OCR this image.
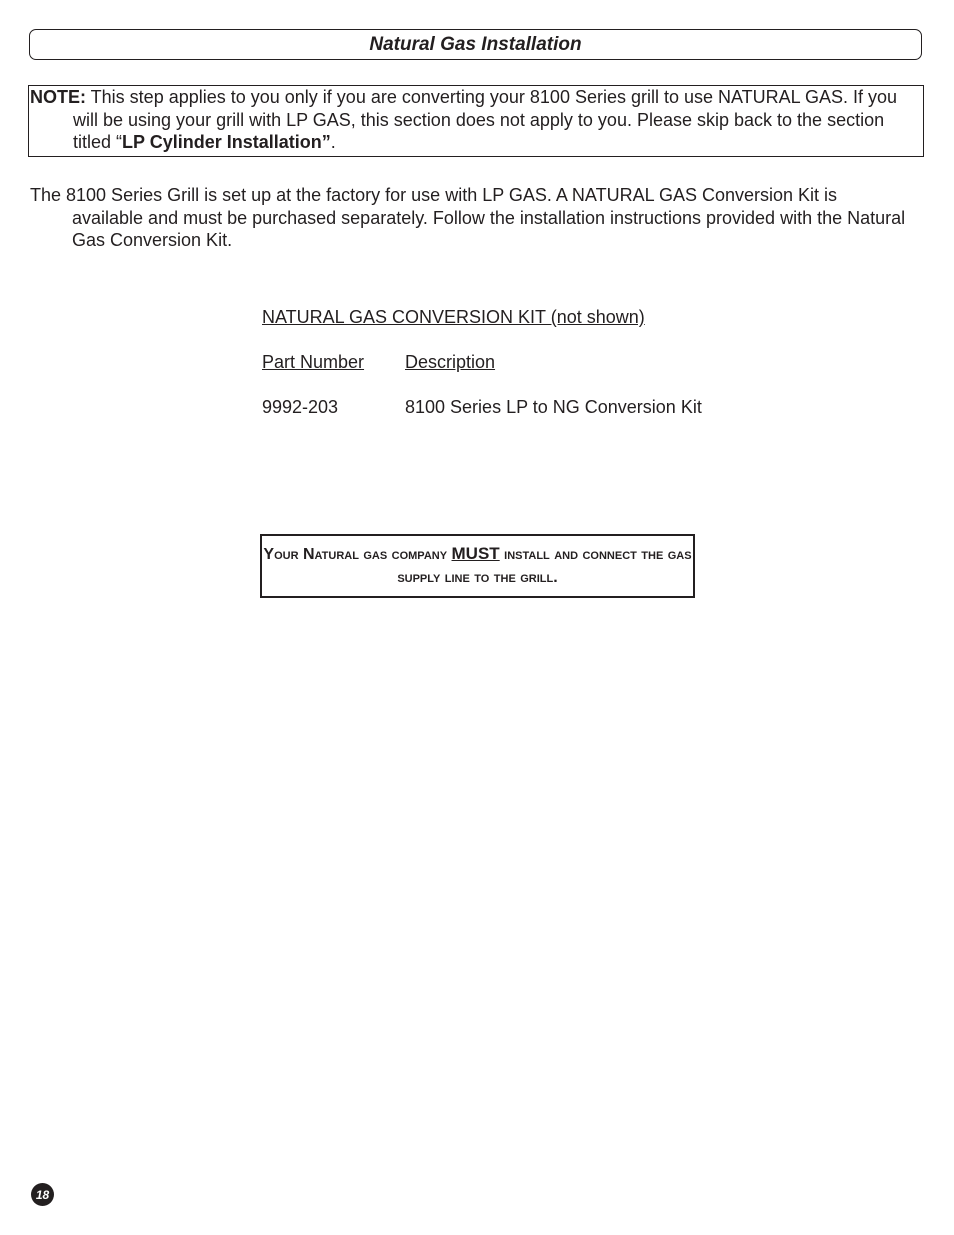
Natural Gas Installation

NOTE: This step applies to you only if you are converting your 8100 Series grill to use NATURAL GAS. If you will be using your grill with LP GAS, this section does not apply to you. Please skip back to the section titled “LP Cylinder Installation”.

The 8100 Series Grill is set up at the factory for use with LP GAS. A NATURAL GAS Conversion Kit is available and must be purchased separately. Follow the installation instructions provided with the Natural Gas Conversion Kit.

NATURAL GAS CONVERSION KIT (not shown)
Part Number	Description
9992-203	8100 Series LP to NG Conversion Kit
Your Natural gas company MUST install and connect the gas supply line to the grill.
18
